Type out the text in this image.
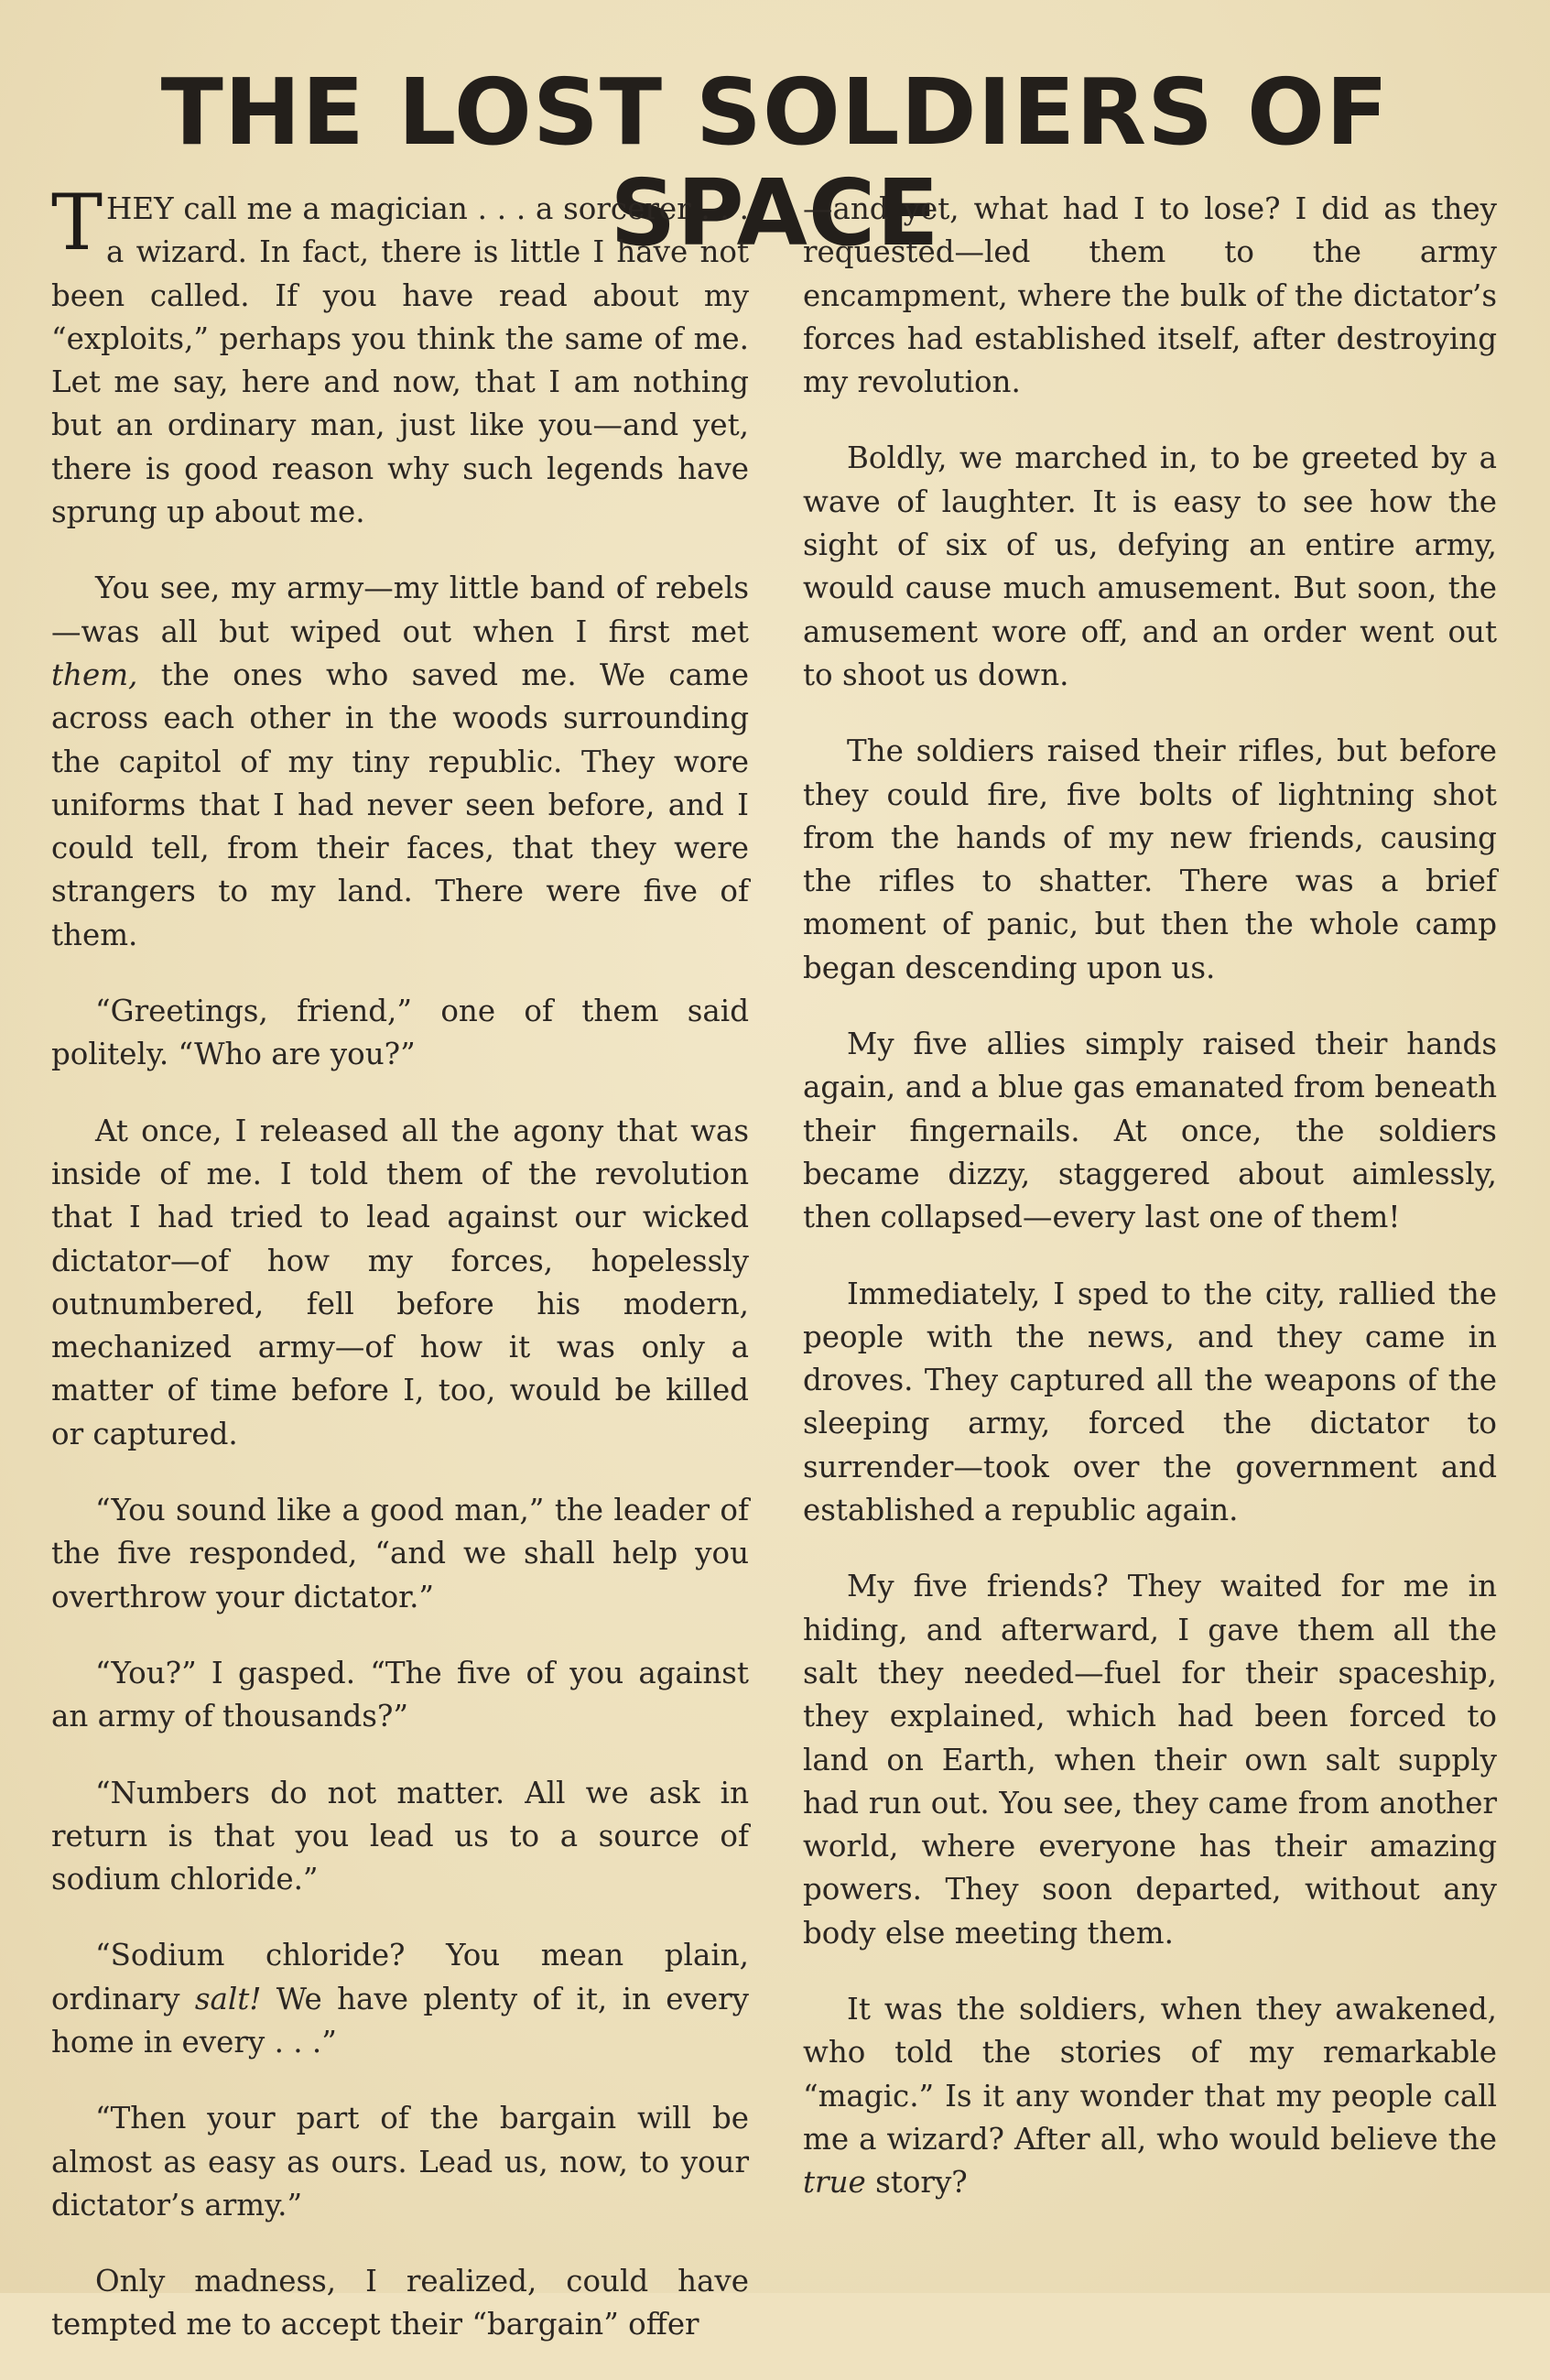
THE LOST SOLDIERS OF SPACE

THEY call me a magician . . . a sorcerer . . . a wizard. In fact, there is little I have not been called. If you have read about my “exploits,” perhaps you think the same of me. Let me say, here and now, that I am nothing but an ordinary man, just like you—and yet, there is good reason why such legends have sprung up about me.

You see, my army—my little band of rebels—was all but wiped out when I first met them, the ones who saved me. We came across each other in the woods surrounding the capitol of my tiny republic. They wore uniforms that I had never seen before, and I could tell, from their faces, that they were strangers to my land. There were five of them.

“Greetings, friend,” one of them said politely. “Who are you?”

At once, I released all the agony that was inside of me. I told them of the revolution that I had tried to lead against our wicked dictator—of how my forces, hopelessly outnumbered, fell before his modern, mechanized army—of how it was only a matter of time before I, too, would be killed or captured.

“You sound like a good man,” the leader of the five responded, “and we shall help you overthrow your dictator.”

“You?” I gasped. “The five of you against an army of thousands?”

“Numbers do not matter. All we ask in return is that you lead us to a source of sodium chloride.”

“Sodium chloride? You mean plain, ordinary salt! We have plenty of it, in every home in every . . .”

“Then your part of the bargain will be almost as easy as ours. Lead us, now, to your dictator’s army.”

Only madness, I realized, could have tempted me to accept their “bargain” offer

—and yet, what had I to lose? I did as they requested—led them to the army encampment, where the bulk of the dictator’s forces had established itself, after destroying my revolution.

Boldly, we marched in, to be greeted by a wave of laughter. It is easy to see how the sight of six of us, defying an entire army, would cause much amusement. But soon, the amusement wore off, and an order went out to shoot us down.

The soldiers raised their rifles, but before they could fire, five bolts of lightning shot from the hands of my new friends, causing the rifles to shatter. There was a brief moment of panic, but then the whole camp began descending upon us.

My five allies simply raised their hands again, and a blue gas emanated from beneath their fingernails. At once, the soldiers became dizzy, staggered about aimlessly, then collapsed—every last one of them!

Immediately, I sped to the city, rallied the people with the news, and they came in droves. They captured all the weapons of the sleeping army, forced the dictator to surrender—took over the government and established a republic again.

My five friends? They waited for me in hiding, and afterward, I gave them all the salt they needed—fuel for their spaceship, they explained, which had been forced to land on Earth, when their own salt supply had run out. You see, they came from another world, where everyone has their amazing powers. They soon departed, without any body else meeting them.

It was the soldiers, when they awakened, who told the stories of my remarkable “magic.” Is it any wonder that my people call me a wizard? After all, who would believe the true story?
